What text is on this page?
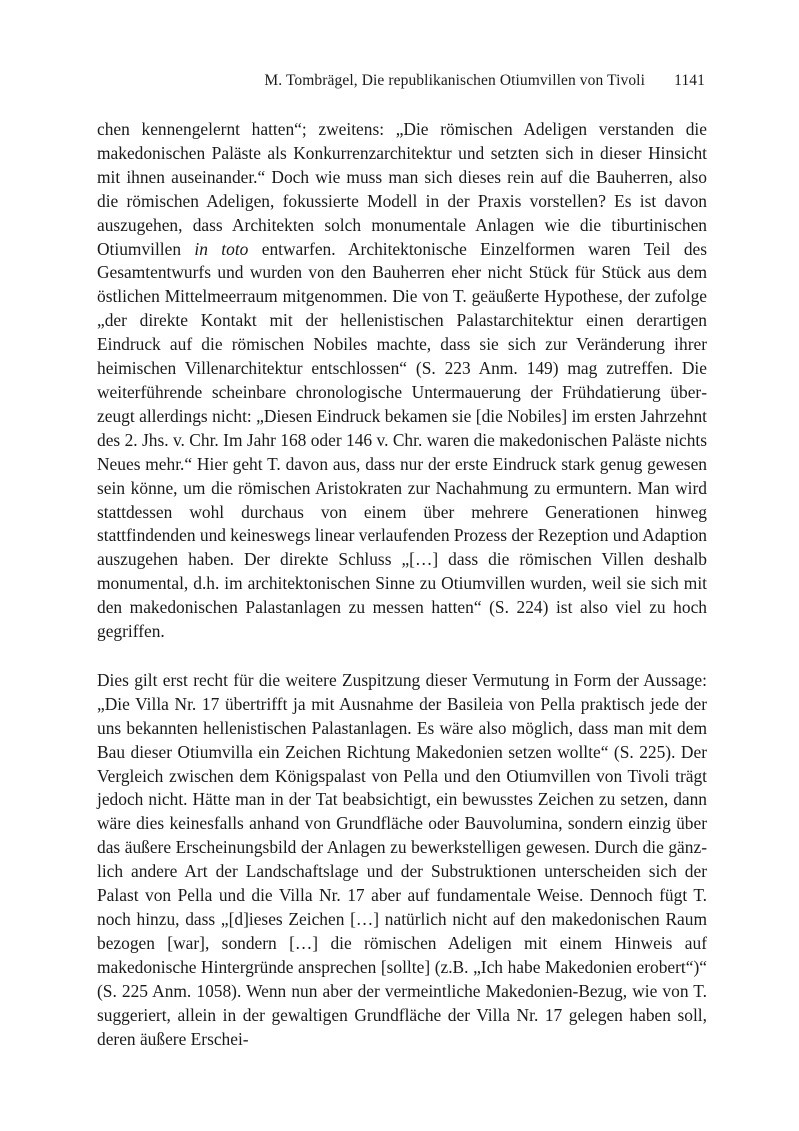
M. Tombrägel, Die republikanischen Otiumvillen von Tivoli 1141

chen kennengelernt hatten“; zweitens: „Die römischen Adeligen verstanden die makedonischen Paläste als Konkurrenzarchitektur und setzten sich in dieser Hinsicht mit ihnen auseinander.“ Doch wie muss man sich dieses rein auf die Bauherren, also die römischen Adeligen, fokussierte Modell in der Praxis vorstellen? Es ist davon auszugehen, dass Architekten solch monumentale Anlagen wie die tiburtinischen Otiumvillen in toto entwarfen. Architektonische Einzelformen waren Teil des Gesamtentwurfs und wurden von den Bauherren eher nicht Stück für Stück aus dem östlichen Mittelmeerraum mitgenommen. Die von T. geäußerte Hypothese, der zufolge „der direkte Kontakt mit der hellenistischen Palastarchitektur einen derartigen Eindruck auf die römischen Nobiles machte, dass sie sich zur Veränderung ihrer heimischen Villenarchitektur entschlossen“ (S. 223 Anm. 149) mag zutreffen. Die weiterführende scheinbare chronologische Untermauerung der Frühdatierung überzeugt allerdings nicht: „Diesen Eindruck bekamen sie [die Nobiles] im ersten Jahrzehnt des 2. Jhs. v. Chr. Im Jahr 168 oder 146 v. Chr. waren die makedonischen Paläste nichts Neues mehr.“ Hier geht T. davon aus, dass nur der erste Eindruck stark genug gewesen sein könne, um die römischen Aristokraten zur Nachahmung zu ermuntern. Man wird stattdessen wohl durchaus von einem über mehrere Generationen hinweg stattfindenden und keineswegs linear verlaufenden Prozess der Rezeption und Adaption auszugehen haben. Der direkte Schluss „[…] dass die römischen Villen deshalb monumental, d.h. im architektonischen Sinne zu Otiumvillen wurden, weil sie sich mit den makedonischen Palastanlagen zu messen hatten“ (S. 224) ist also viel zu hoch gegriffen.

Dies gilt erst recht für die weitere Zuspitzung dieser Vermutung in Form der Aussage: „Die Villa Nr. 17 übertrifft ja mit Ausnahme der Basileia von Pella praktisch jede der uns bekannten hellenistischen Palastanlagen. Es wäre also möglich, dass man mit dem Bau dieser Otiumvilla ein Zeichen Richtung Makedonien setzen wollte“ (S. 225). Der Vergleich zwischen dem Königspalast von Pella und den Otiumvillen von Tivoli trägt jedoch nicht. Hätte man in der Tat beabsichtigt, ein bewusstes Zeichen zu setzen, dann wäre dies keinesfalls anhand von Grundfläche oder Bauvolumina, sondern einzig über das äußere Erscheinungsbild der Anlagen zu bewerkstelligen gewesen. Durch die gänzlich andere Art der Landschaftslage und der Substruktionen unterscheiden sich der Palast von Pella und die Villa Nr. 17 aber auf fundamentale Weise. Dennoch fügt T. noch hinzu, dass „[d]ieses Zeichen […] natürlich nicht auf den makedonischen Raum bezogen [war], sondern […] die römischen Adeligen mit einem Hinweis auf makedonische Hintergründe ansprechen [sollte] (z.B. „Ich habe Makedonien erobert“)“ (S. 225 Anm. 1058). Wenn nun aber der vermeintliche Makedonien-Bezug, wie von T. suggeriert, allein in der gewaltigen Grundfläche der Villa Nr. 17 gelegen haben soll, deren äußere Erschei-
